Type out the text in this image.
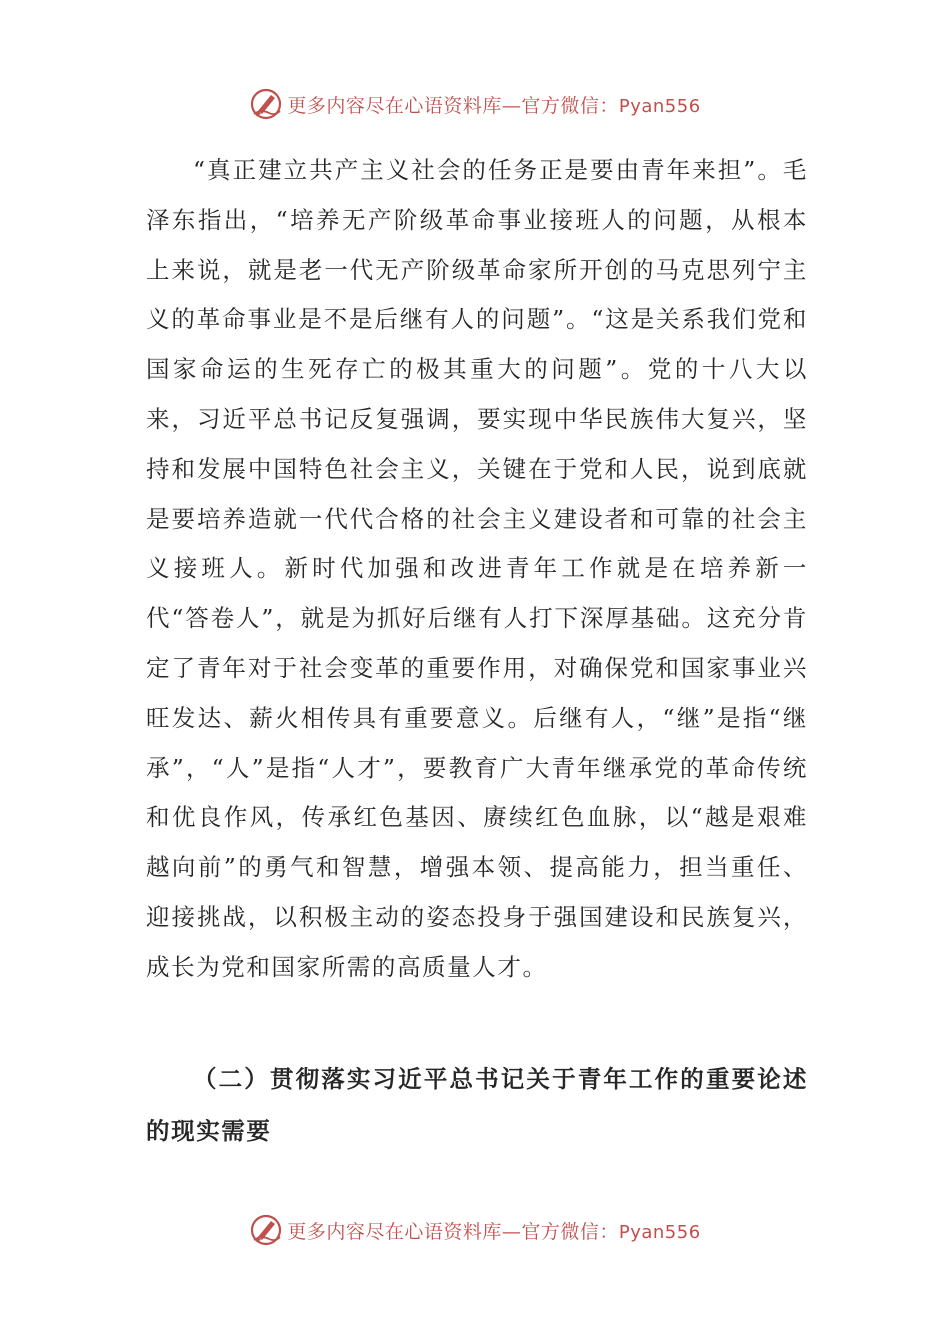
更多内容尽在心语资料库—官方微信：Pyan556

“真正建立共产主义社会的任务正是要由青年来担”。毛泽东指出，“培养无产阶级革命事业接班人的问题，从根本上来说，就是老一代无产阶级革命家所开创的马克思列宁主义的革命事业是不是后继有人的问题”。“这是关系我们党和国家命运的生死存亡的极其重大的问题”。党的十八大以来，习近平总书记反复强调，要实现中华民族伟大复兴，坚持和发展中国特色社会主义，关键在于党和人民，说到底就是要培养造就一代代合格的社会主义建设者和可靠的社会主义接班人。新时代加强和改进青年工作就是在培养新一代“答卷人”，就是为抓好后继有人打下深厚基础。这充分肯定了青年对于社会变革的重要作用，对确保党和国家事业兴旺发达、薪火相传具有重要意义。后继有人，“继”是指“继承”，“人”是指“人才”，要教育广大青年继承党的革命传统和优良作风，传承红色基因、赓续红色血脉，以“越是艰难越向前”的勇气和智慧，增强本领、提高能力，担当重任、迎接挑战，以积极主动的姿态投身于强国建设和民族复兴，成长为党和国家所需的高质量人才。

（二）贯彻落实习近平总书记关于青年工作的重要论述的现实需要

更多内容尽在心语资料库—官方微信：Pyan556
